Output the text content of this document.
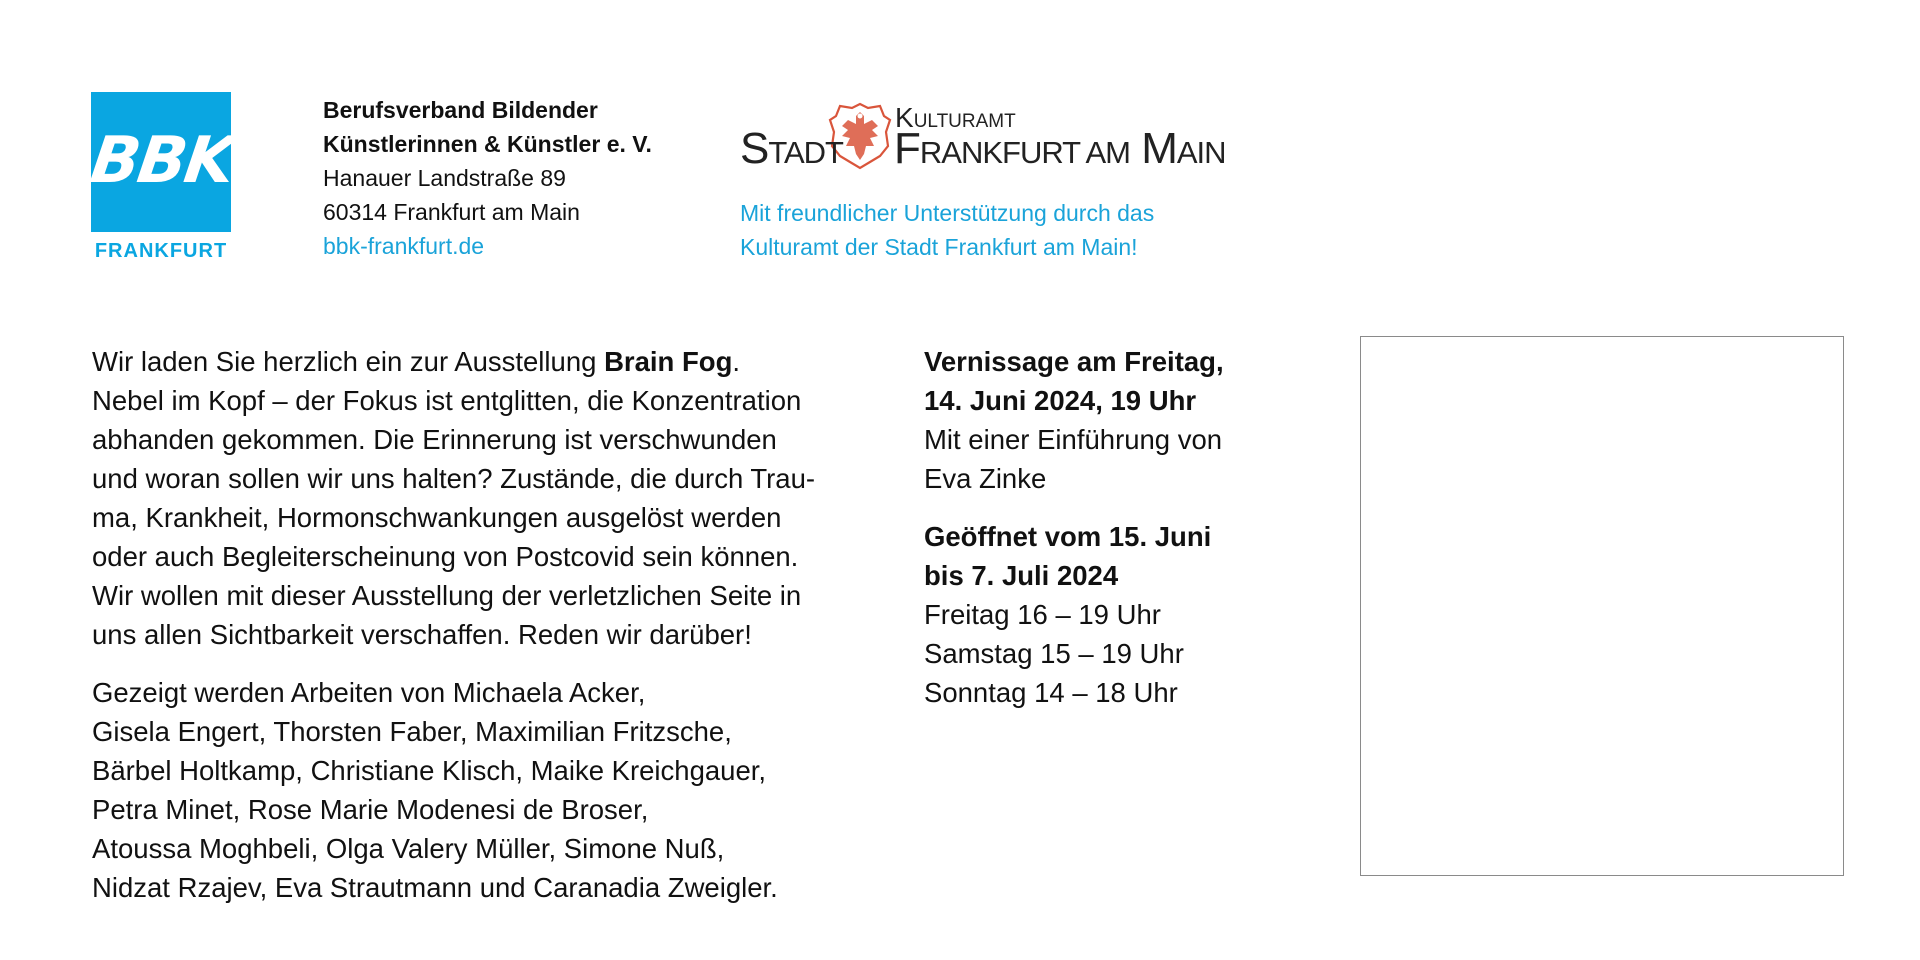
BBK
FRANKFURT
Berufsverband Bildender
Künstlerinnen & Künstler e. V.
Hanauer Landstraße 89
60314 Frankfurt am Main
bbk-frankfurt.de
KULTURAMT
STADT FRANKFURT AM MAIN
Mit freundlicher Unterstützung durch das
Kulturamt der Stadt Frankfurt am Main!
Wir laden Sie herzlich ein zur Ausstellung Brain Fog.
Nebel im Kopf – der Fokus ist entglitten, die Konzentration
abhanden gekommen. Die Erinnerung ist verschwunden
und woran sollen wir uns halten? Zustände, die durch Trau-
ma, Krankheit, Hormonschwankungen ausgelöst werden
oder auch Begleiterscheinung von Postcovid sein können.
Wir wollen mit dieser Ausstellung der verletzlichen Seite in
uns allen Sichtbarkeit verschaffen. Reden wir darüber!
Gezeigt werden Arbeiten von Michaela Acker,
Gisela Engert, Thorsten Faber, Maximilian Fritzsche,
Bärbel Holtkamp, Christiane Klisch, Maike Kreichgauer,
Petra Minet, Rose Marie Modenesi de Broser,
Atoussa Moghbeli, Olga Valery Müller, Simone Nuß,
Nidzat Rzajev, Eva Strautmann und Caranadia Zweigler.
Vernissage am Freitag,
14. Juni 2024, 19 Uhr
Mit einer Einführung von
Eva Zinke
Geöffnet vom 15. Juni
bis 7. Juli 2024
Freitag 16 – 19 Uhr
Samstag 15 – 19 Uhr
Sonntag 14 – 18 Uhr
